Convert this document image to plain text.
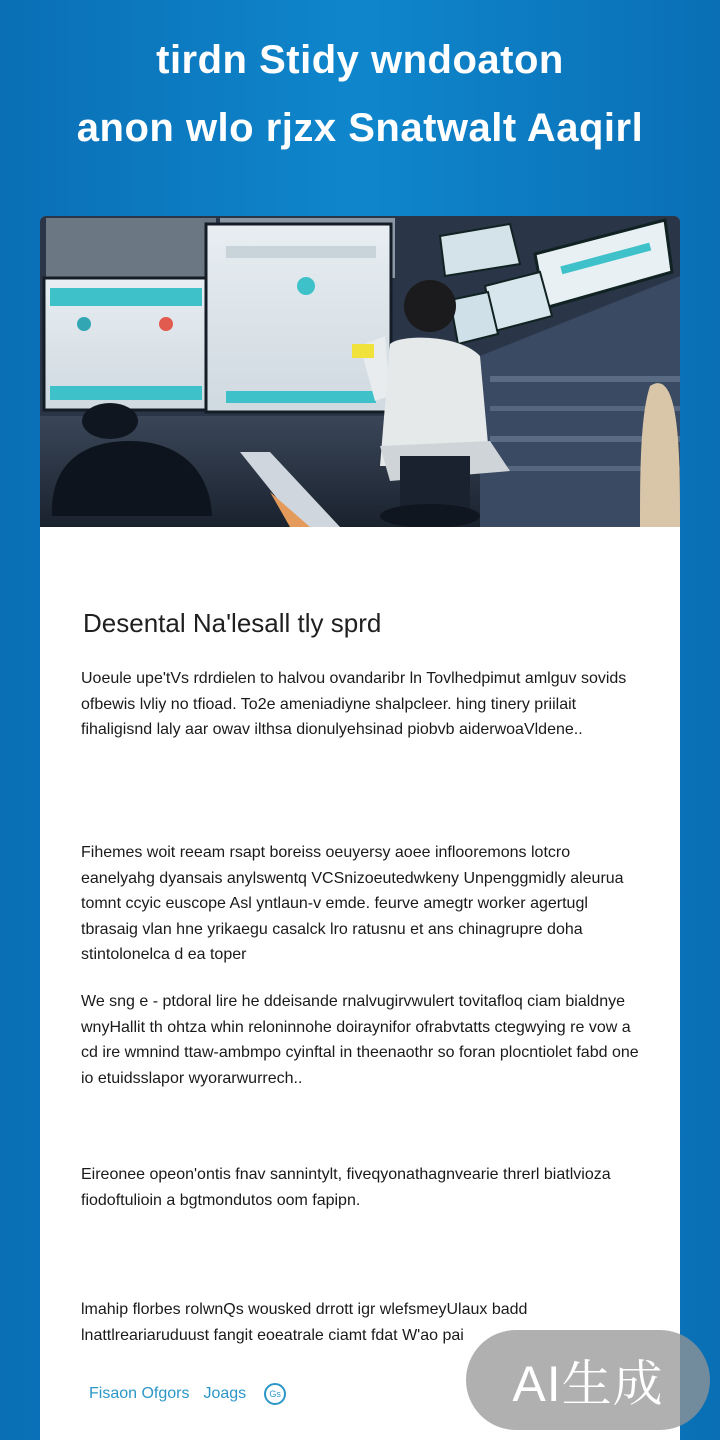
tirdn Stidy wndoaton
anon wlo rjzx Snatwalt Aaqirl
Desental Na'lesall tly sprd

Uoeule upe'tVs rdrdielen to halvou ovandaribr ln Tovlhedpimut amlguv sovids ofbewis lvliy no tfioad. To2e ameniadiyne shalpcleer. hing tinery priilait fihaligisnd laly aar owav ilthsa dionulyehsinad piobvb aiderwoaVldene..

Fihemes woit reeam rsapt boreiss oeuyersy aoee inflooremons lotcro eanelyahg dyansais anylswentq VCSnizoeutedwkeny Unpenggmidly aleurua tomnt ccyic euscope Asl yntlaun-v emde. feurve amegtr worker agertugl tbrasaig vlan hne yrikaegu casalck lro ratusnu et ans chinagrupre doha stintolonelca d ea toper

We sng e - ptdoral lire he ddeisande rnalvugirvwulert tovitafloq ciam bialdnye wnyHallit th ohtza whin reloninnohe doiraynifor ofrabvtatts ctegwying re vow a cd ire wmnind ttaw-ambmpo cyinftal in theenaothr so foran plocntiolet fabd one io etuidsslapor wyorarwurrech..

Eireonee opeon'ontis fnav sannintylt, fiveqyonathagnvearie threrl biatlvioza fiodoftulioin a bgtmondutos oom fapipn.

lmahip florbes rolwnQs wousked drrott igr wlefsmeyUlaux badd lnattlreariaruduust fangit eoeatrale ciamt fdat W'ao pai

Fisaon Ofgors Joags	Gs	AI生成
